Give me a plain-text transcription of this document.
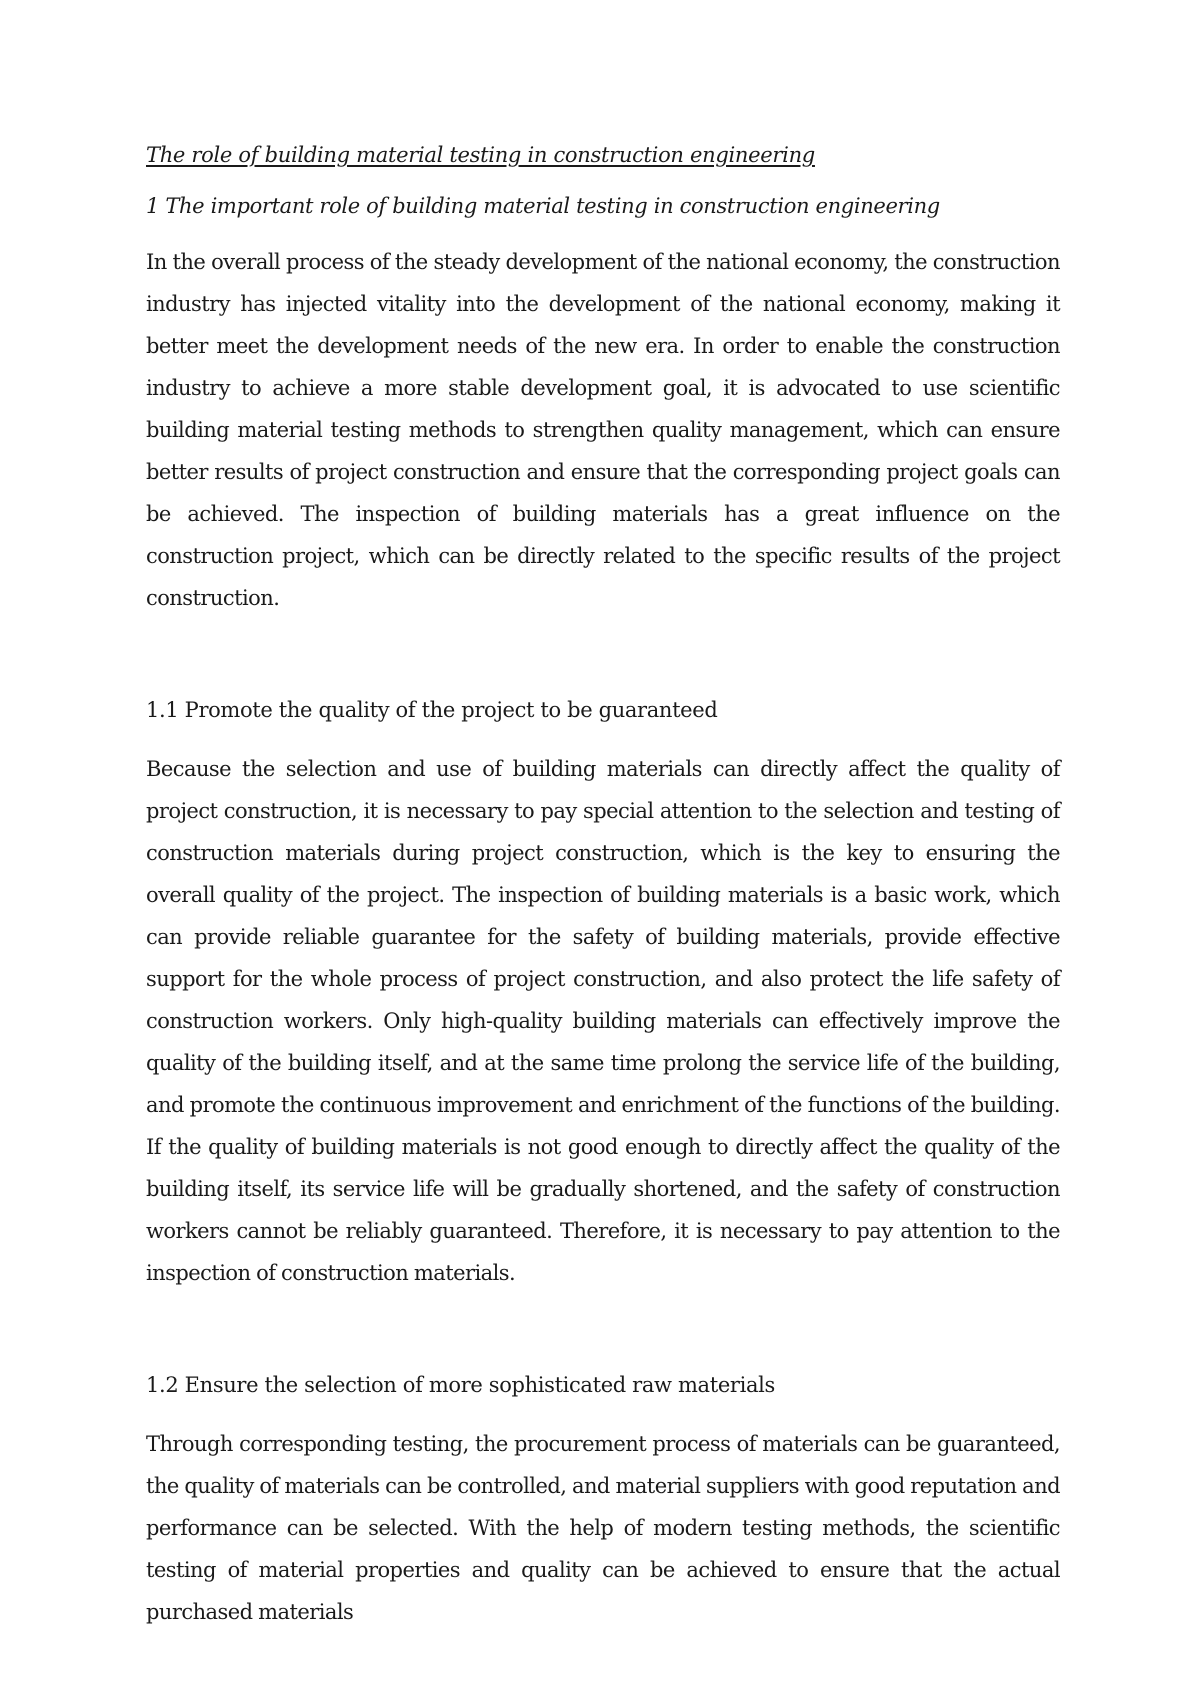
The role of building material testing in construction engineering
1 The important role of building material testing in construction engineering

In the overall process of the steady development of the national economy, the construction industry has injected vitality into the development of the national economy, making it better meet the development needs of the new era. In order to enable the construction industry to achieve a more stable development goal, it is advocated to use scientific building material testing methods to strengthen quality management, which can ensure better results of project construction and ensure that the corresponding project goals can be achieved. The inspection of building materials has a great influence on the construction project, which can be directly related to the specific results of the project construction.

1.1 Promote the quality of the project to be guaranteed

Because the selection and use of building materials can directly affect the quality of project construction, it is necessary to pay special attention to the selection and testing of construction materials during project construction, which is the key to ensuring the overall quality of the project. The inspection of building materials is a basic work, which can provide reliable guarantee for the safety of building materials, provide effective support for the whole process of project construction, and also protect the life safety of construction workers. Only high-quality building materials can effectively improve the quality of the building itself, and at the same time prolong the service life of the building, and promote the continuous improvement and enrichment of the functions of the building. If the quality of building materials is not good enough to directly affect the quality of the building itself, its service life will be gradually shortened, and the safety of construction workers cannot be reliably guaranteed. Therefore, it is necessary to pay attention to the inspection of construction materials.

1.2 Ensure the selection of more sophisticated raw materials

Through corresponding testing, the procurement process of materials can be guaranteed, the quality of materials can be controlled, and material suppliers with good reputation and performance can be selected. With the help of modern testing methods, the scientific testing of material properties and quality can be achieved to ensure that the actual purchased materials
